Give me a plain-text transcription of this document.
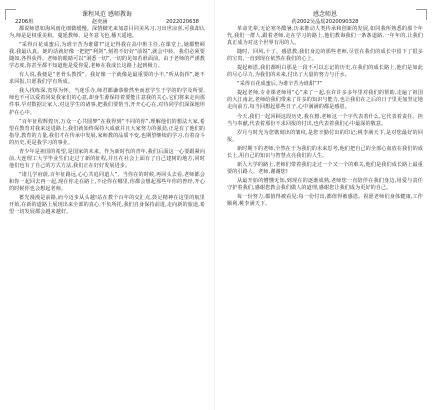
课程风范 感师教诲
2206班	赵奕涵	2022020638

都说师恩如海风雨化细微缓慢。深情脚光来加意目同美风习,习出世凉喜,可我却认为,师是是权重美和。蔓延教师、是冬意飞色,播天遥地。

“采得百花成蜜后,为谁辛苦为谁甜?”这记得我在高中班主任,在课堂上,她都整顿我,我最认真。她的话就好像一把把“利剑”,刻着不好好“前锐”,就会中转。我们必须要随如,各得获得。老师的眼睛可以“洞悉一切”,一切的见如若谁面前。由于老师的严谨教学态度,你甚至都不知道他是爱你爱,老师在我成长这路上起到极力。

有人说,我便是“老骨头教授”。我好像一个就像是最重要的小丰,“听从指挥”,她不求回报,只愿我们学有所成。

我人找练深,宽厚为怀。当迷乐寺,师君都谦恭脸然坐而惹学生于学的的学及所要,师也不可以爱着回复我家们的心意,却身生源保持着要能注意我的关心,它们将来走向那件事,早对数据让家人,对这学生的诸事,把我们要帮当,开开心心在,对待同学们深深地坦护在心中。

“百年征程辉煌历,万众一心共圆梦”在我得到“不同的你”,理解他们的想法大家,希望在教育对我来这进路上,我们就始终保持大成就并且大家努力的强劲,正是有了他们的指导,教育的力量,我们才在传承中发展,家师教的品质不变,也期望继续的学习,有着奋斗的历史,更是我学习的事业。

青少年是祖国的希望,是国家的未来。作为新时代的青年,我们后面这一心要跟紧向前,大连理工大学毕业生们走过了新的征程,并且在社会上面有了自己建树的地方,同时他们也有了自己的方式方法,我们正在好好发展进步。

“诸儿学府蔚,百年征路远,心心共追同道人”。当你在的时候,再回头去看,老师都会和你一起回去再一起,现在你走在路上,不论你在哪里,你都会想起那些年你的曾经,开心的时候你也会想起老师。

蓄光漫漫是前路,而今迈步从头越!站在教个百年的交汇点,鼓足精神在这里的航里开始,在新的道路上展现出来全部的真心,不负所托,我们自身保持前进,走向新的旅途,希望一切发展都会越来越好。

感念师恩
药2002吴晶瑶2020090328

革命先辈,无论寒冬酷暑,历来推动人类传承和创新的发展,如同我所熟悉的那个年代,我们一群人,跟着老师,走在学习的路上,他们教诲我们一条条道路,一年年的,让我们真正成为对这个世界有用的人。

随时、回风,十了、感恩教,我们身边的那些老师,尽管在我们的成长中留下了很多的宝贵,一直到现在依然在我们的心上。

提起师恩,我们都明白那是一段不可以忘记的历史,在我们的成长路上,他们是如此的尽心尽力,为我们的未来,付出了大量的努力与汗水。

“采得百花成蜜后,为谁辛苦为谁甜”?”

提起老师,专业课老师用“心”来了一起,在许许多多年里对我们的帮助,走遍了祖国的大江南北,老师给我们带来了许多的知识与能力,也让我们在之后的日子里更加坚定地走向前方,每当回想起那些日子,心中满满的都是感恩。

今天,我们一起回顾这段历史,我在想,老师这一个字代表着什么,它代表着责任、担当与奉献,代表着那份不求回报的付出,也代表着我们心中最深的敬意。

岁月与时光为您镌刻出的皱纹,是您辛勤付出的印记;桃李满天下,是对您最好的回报。

新时期下的老师,全然在于为我们的未来思考,他们把自己的全部心血放在我们的成长上,用自己的知识与智慧点亮我们的人生。

新人大学的路上,老师们带着我们走过一个又一个的难关,他们是我们成长路上最重要的引路人。老师,谢谢您!

从最开始的懵懂无知,到现在的逐渐成熟,老师您一直陪伴在我们身边,用爱与责任守护着我们,感谢您教会我们做人的道理,感谢您让我们成为更好的自己。

每一份努力,都值得被看见;每一份付出,都值得被感恩。祝愿老师们身体健康,工作顺利,桃李满天下。
